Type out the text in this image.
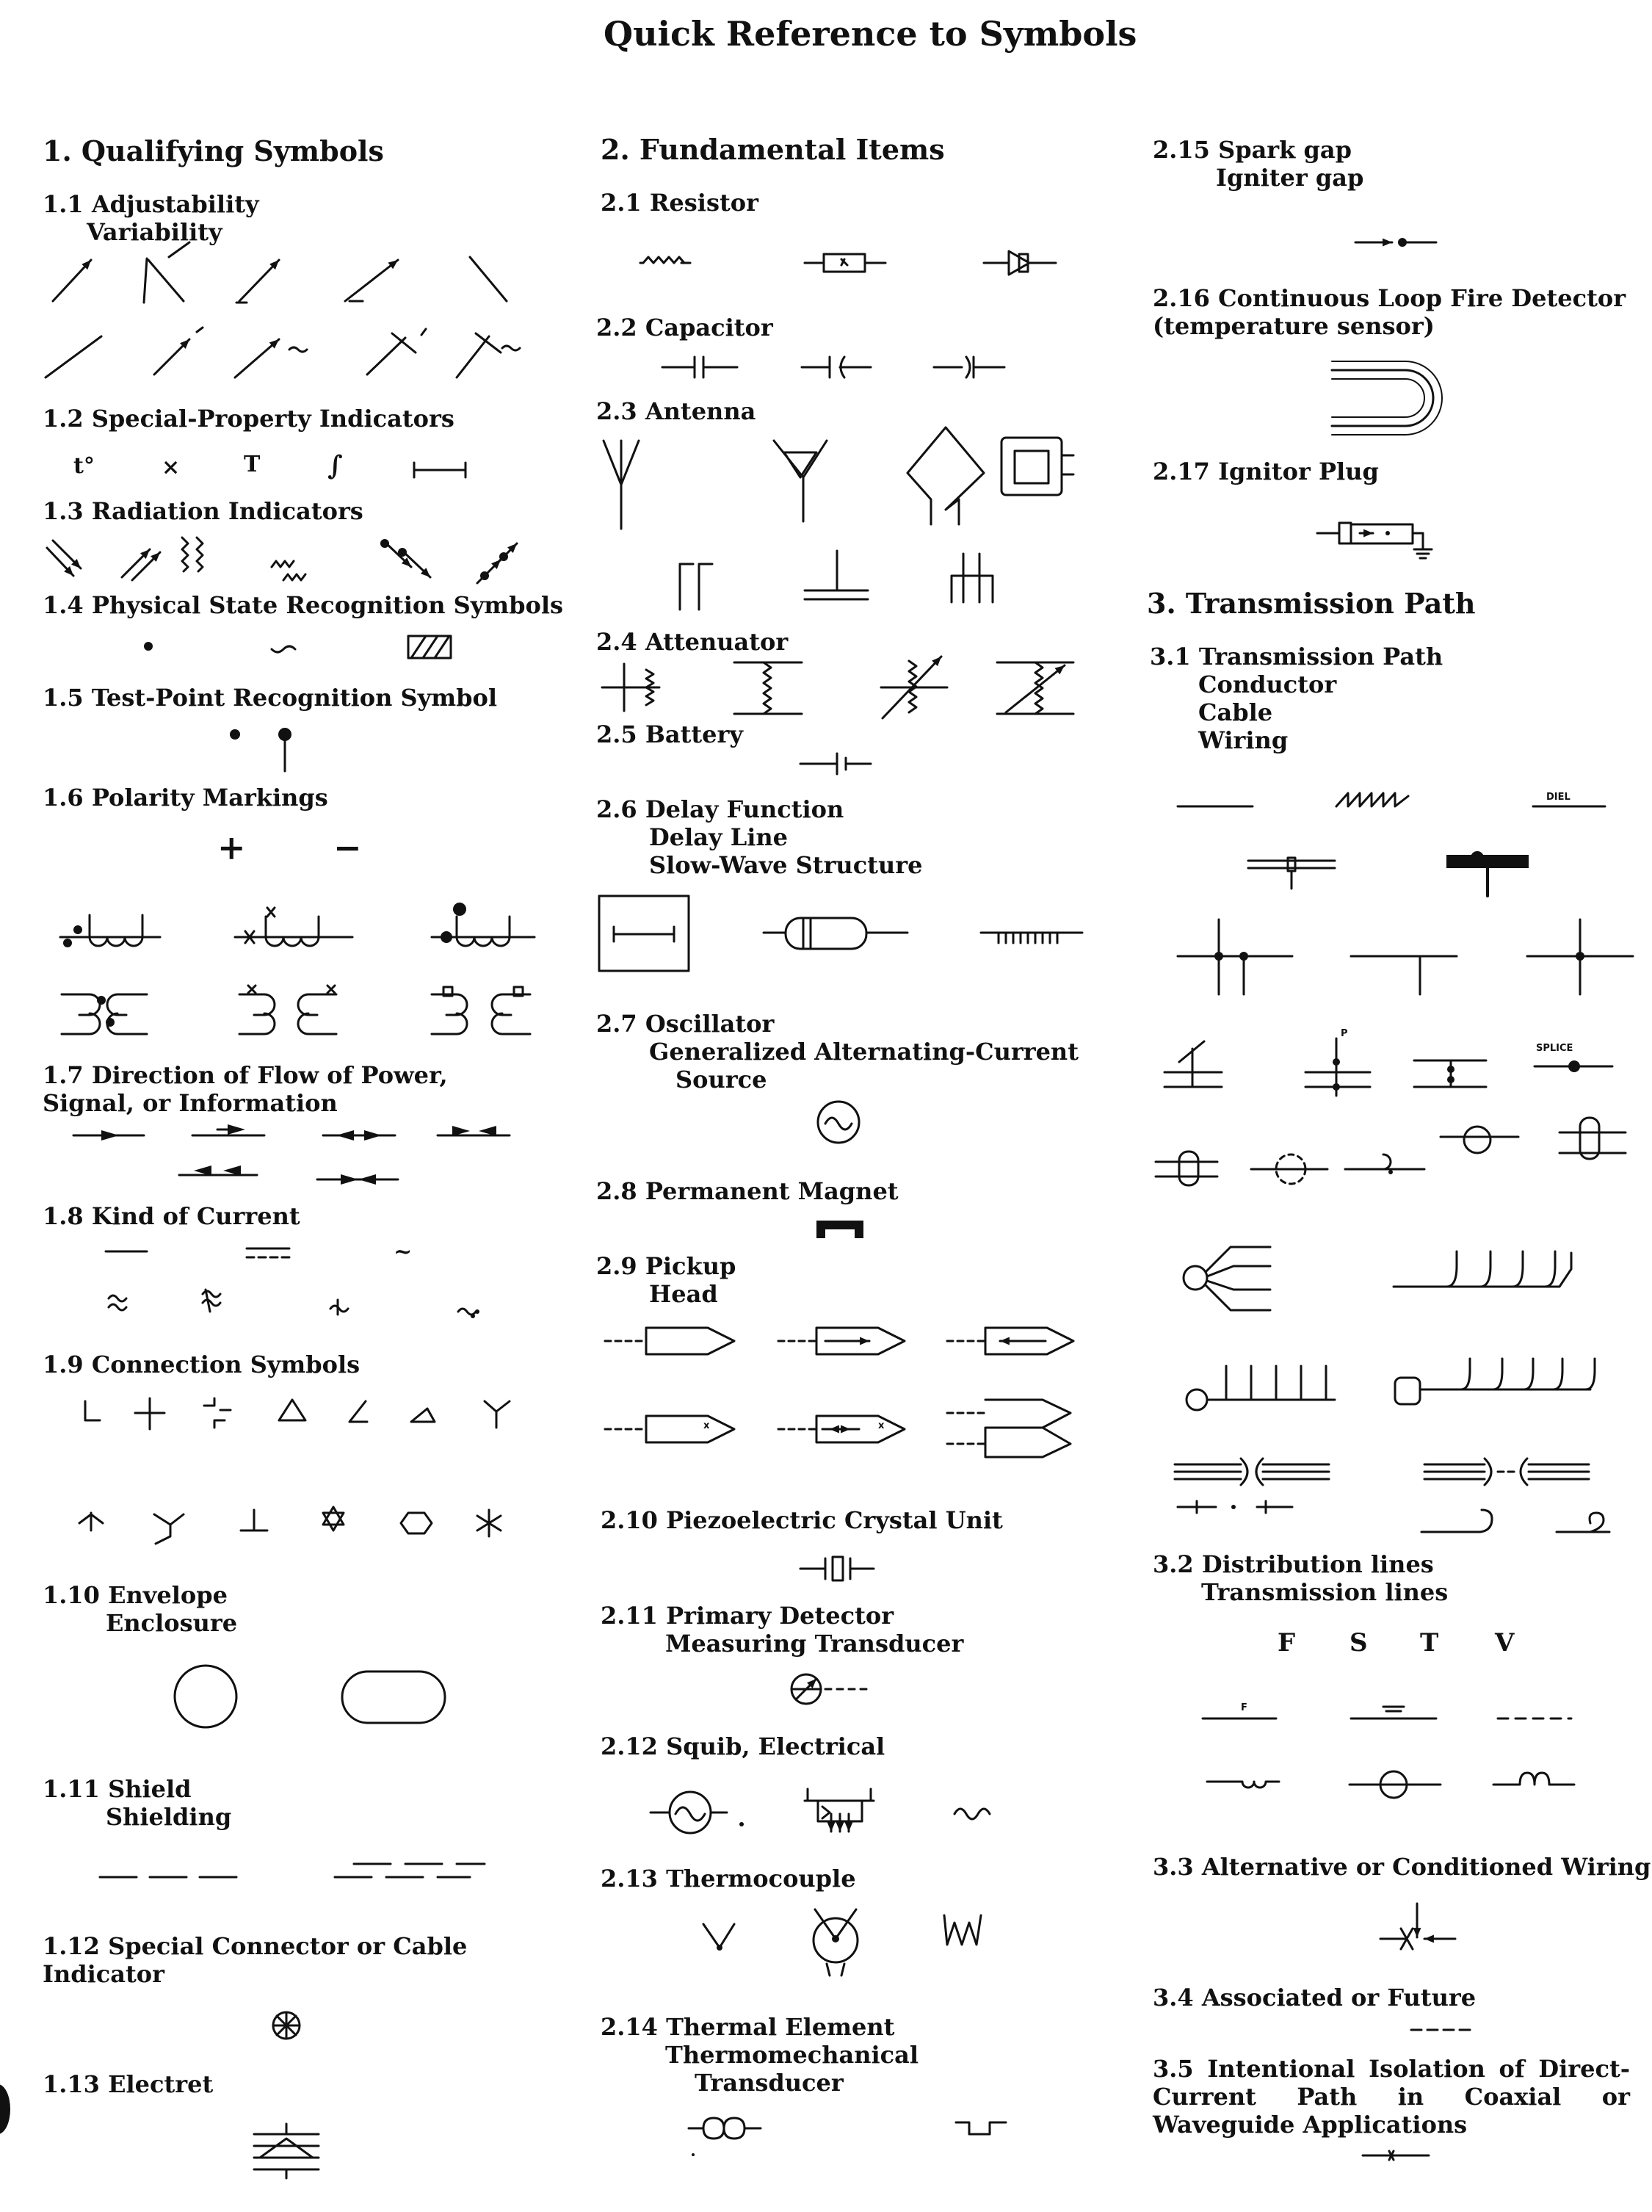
Quick Reference to Symbols
1. Qualifying Symbols	2. Fundamental Items
3. Transmission Path
1.1 Adjustability
Variability
1.2 Special-Property Indicators
1.3 Radiation Indicators
1.4 Physical State Recognition Symbols
1.5 Test-Point Recognition Symbol
1.6 Polarity Markings
1.7 Direction of Flow of Power,
Signal, or Information
1.8 Kind of Current
1.9 Connection Symbols
1.10 Envelope
Enclosure
1.11 Shield
Shielding
1.12 Special Connector or Cable
Indicator
1.13 Electret
2.1 Resistor
2.2 Capacitor
2.3 Antenna
2.4 Attenuator
2.5 Battery
2.6 Delay Function
Delay Line
Slow-Wave Structure
2.7 Oscillator
Generalized Alternating-Current
Source
2.8 Permanent Magnet
2.9 Pickup
Head
2.10 Piezoelectric Crystal Unit
2.11 Primary Detector
Measuring Transducer
2.12 Squib, Electrical
2.13 Thermocouple
2.14 Thermal Element
Thermomechanical
Transducer
2.15 Spark gap
Igniter gap
2.16 Continuous Loop Fire Detector
(temperature sensor)
2.17 Ignitor Plug
3.1 Transmission Path
Conductor
Cable
Wiring
3.2 Distribution lines
Transmission lines
3.3 Alternative or Conditioned Wiring
3.4 Associated or Future
3.5 Intentional Isolation of Direct-Current Path in Coaxial or Waveguide Applications
t°	×	T	∫
+	−
~
DIEL
SPLICE
P
x	x
F
F S T V
